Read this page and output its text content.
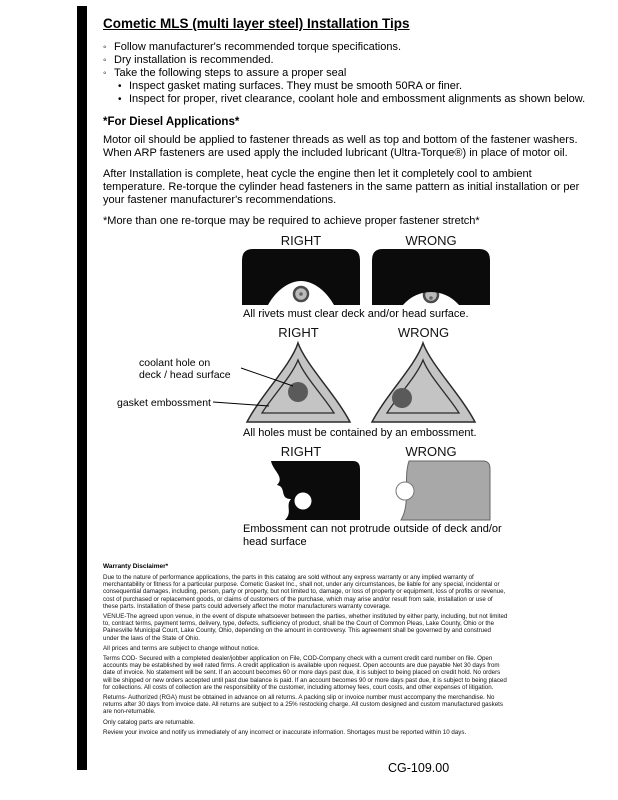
Cometic MLS (multi layer steel) Installation Tips
◦ Follow manufacturer's recommended torque specifications.
◦ Dry installation is recommended.
◦ Take the following steps to assure a proper seal
• Inspect gasket mating surfaces. They must be smooth 50RA or finer.
• Inspect for proper, rivet clearance, coolant hole and embossment alignments as shown below.
*For Diesel Applications*
Motor oil should be applied to fastener threads as well as top and bottom of the fastener washers. When ARP fasteners are used apply the included lubricant (Ultra-Torque®) in place of motor oil.
After Installation is complete, heat cycle the engine then let it completely cool to ambient temperature. Re-torque the cylinder head fasteners in the same pattern as initial installation or per your fastener manufacturer's recommendations.
*More than one re-torque may be required to achieve proper fastener stretch*
RIGHT	WRONG
All rivets must clear deck and/or head surface.
RIGHT	WRONG
coolant hole on
deck / head surface
gasket embossment
All holes must be contained by an embossment.
RIGHT	WRONG
Embossment can not protrude outside of deck and/or head surface
Warranty Disclaimer*

Due to the nature of performance applications, the parts in this catalog are sold without any express warranty or any implied warranty of merchantability or fitness for a particular purpose. Cometic Gasket Inc., shall not, under any circumstances, be liable for any special, incidental or consequential damages, including, person, party or property, but not limited to, damage, or loss of property or equipment, loss of profits or revenue, cost of purchased or replacement goods, or claims of customers of the purchase, which may arise and/or result from sale, installation or use of these parts. Installation of these parts could adversely affect the motor manufacturers warranty coverage.

VENUE-The agreed upon venue, in the event of dispute whatsoever between the parties, whether instituted by either party, including, but not limited to, contract terms, payment terms, delivery, type, defects, sufficiency of product, shall be the Court of Common Pleas, Lake County, Ohio or the Painesville Municipal Court, Lake County, Ohio, depending on the amount in controversy. This agreement shall be governed by and construed under the laws of the State of Ohio.

All prices and terms are subject to change without notice.

Terms COD- Secured with a completed dealer/jobber application on File, COD-Company check with a current credit card number on file. Open accounts may be established by well rated firms. A credit application is available upon request. Open accounts are due payable Net 30 days from date of invoice. No statement will be sent. If an account becomes 60 or more days past due, it is subject to being placed on credit hold. No orders will be shipped or new orders accepted until past due balance is paid. If an account becomes 90 or more days past due, it is subject to being placed for collections. All costs of collection are the responsibility of the customer, including attorney fees, court costs, and other expenses of litigation.

Returns- Authorized (RGA) must be obtained in advance on all returns. A packing slip or invoice number must accompany the merchandise. No returns after 30 days from invoice date. All returns are subject to a 25% restocking charge. All custom designed and custom manufactured gaskets are non-returnable.

Only catalog parts are returnable.

Review your invoice and notify us immediately of any incorrect or inaccurate information. Shortages must be reported within 10 days.

CG-109.00
